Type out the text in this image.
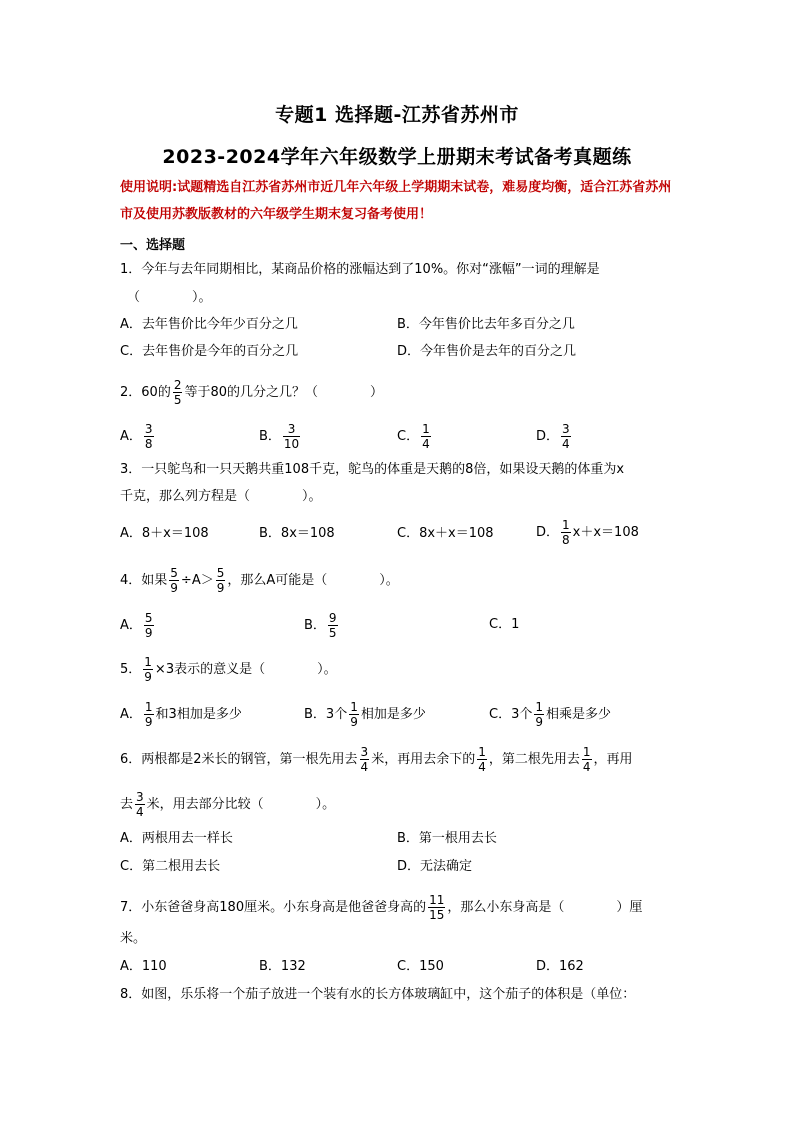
专题1 选择题-江苏省苏州市
2023-2024学年六年级数学上册期末考试备考真题练
使用说明:试题精选自江苏省苏州市近几年六年级上学期期末试卷，难易度均衡，适合江苏省苏州市及使用苏教版教材的六年级学生期末复习备考使用！
一、选择题
1．今年与去年同期相比，某商品价格的涨幅达到了10%。你对“涨幅”一词的理解是
（　　　　）。
A．去年售价比今年少百分之几	B．今年售价比去年多百分之几
C．去年售价是今年的百分之几	D．今年售价是去年的百分之几
2．60的 $\frac{2}{5}$ 等于80的几分之几？（　　　　）
A． $\frac{3}{8}$	B． $\frac{3}{10}$	C． $\frac{1}{4}$	D． $\frac{3}{4}$
3．一只鸵鸟和一只天鹅共重108千克，鸵鸟的体重是天鹅的8倍，如果设天鹅的体重为x
千克，那么列方程是（　　　　）。
A．8＋x＝108	B．8x＝108	C．8x＋x＝108	D． $\frac{1}{8} x+x=108$
4．如果 $\frac{5}{9} \div A> \frac{5}{9}$ ，那么A可能是（　　　　）。
A． $\frac{5}{9}$	B． $\frac{9}{5}$	C．1
5． $\frac{1}{9} \times 3$表示的意义是（　　　　）。
A． $\frac{1}{9}$ 和3相加是多少	B．3个 $\frac{1}{9}$ 相加是多少	C．3个 $\frac{1}{9}$ 相乘是多少
6．两根都是2米长的钢管，第一根先用去 $\frac{3}{4}$ 米，再用去余下的 $\frac{1}{4}$ ，第二根先用去 $\frac{1}{4}$ ，再用
去 $\frac{3}{4}$ 米，用去部分比较（　　　　）。
A．两根用去一样长	B．第一根用去长
C．第二根用去长	D．无法确定
7．小东爸爸身高180厘米。小东身高是他爸爸身高的 $\frac{11}{15}$ ，那么小东身高是（　　　　）厘
米。
A．110	B．132	C．150	D．162
8．如图，乐乐将一个茄子放进一个装有水的长方体玻璃缸中，这个茄子的体积是（单位：
